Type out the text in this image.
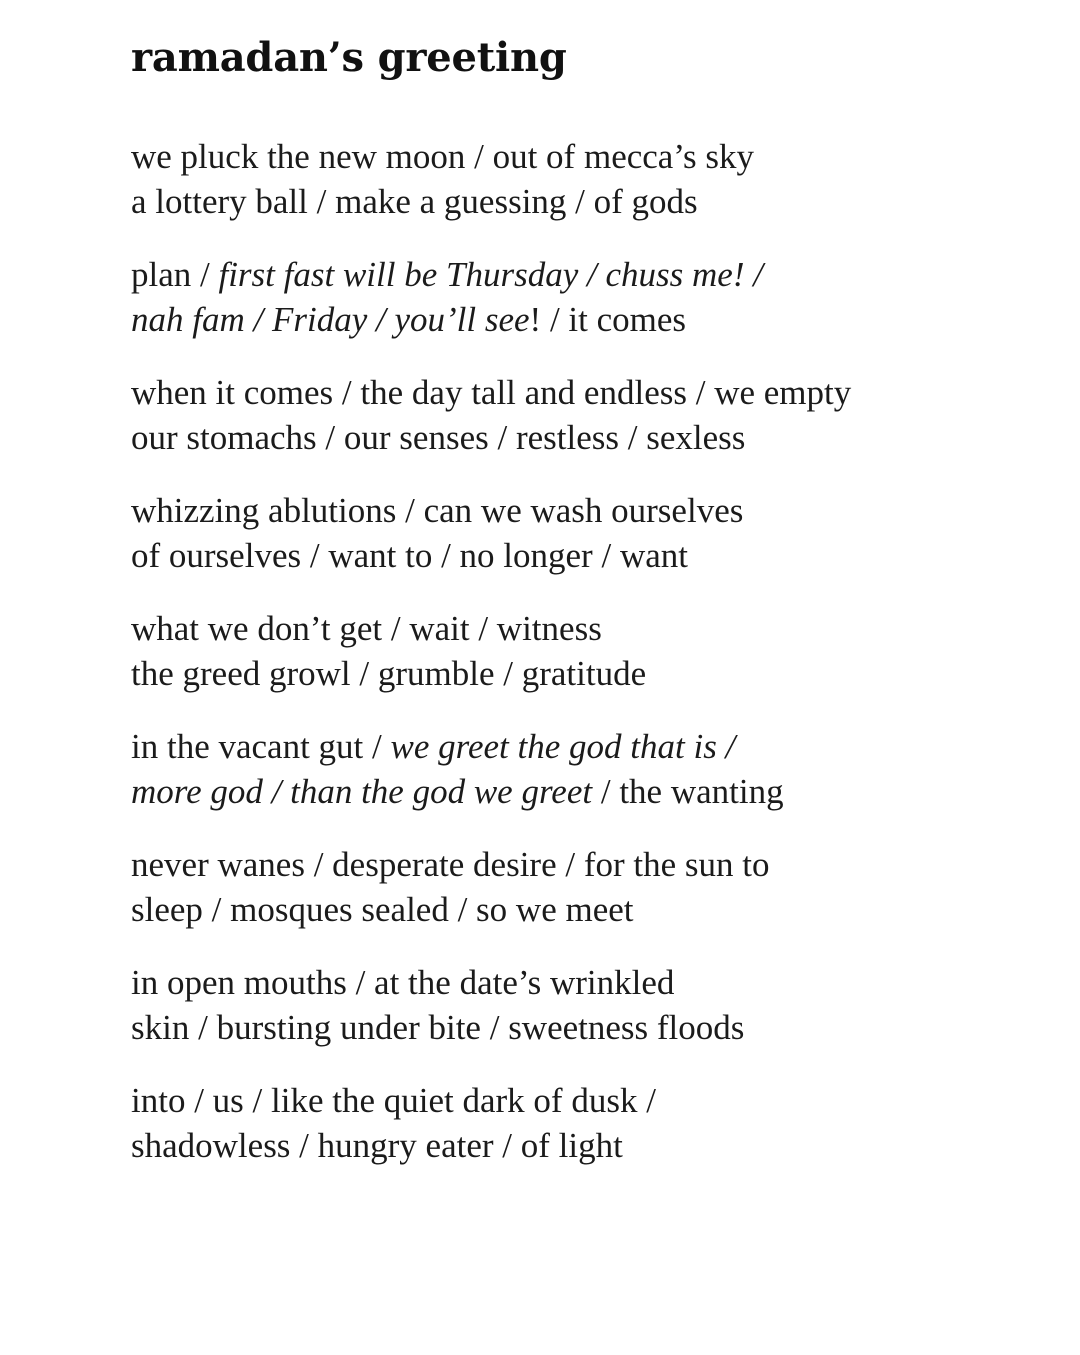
ramadan’s greeting
we pluck the new moon / out of mecca’s sky
a lottery ball / make a guessing / of gods
plan / first fast will be Thursday / chuss me! /
nah fam / Friday / you’ll see! / it comes
when it comes / the day tall and endless / we empty
our stomachs / our senses / restless / sexless
whizzing ablutions / can we wash ourselves
of ourselves / want to / no longer / want
what we don’t get / wait / witness
the greed growl / grumble / gratitude
in the vacant gut / we greet the god that is /
more god / than the god we greet / the wanting
never wanes / desperate desire / for the sun to
sleep / mosques sealed / so we meet
in open mouths / at the date’s wrinkled
skin / bursting under bite / sweetness floods
into / us / like the quiet dark of dusk /
shadowless / hungry eater / of light
